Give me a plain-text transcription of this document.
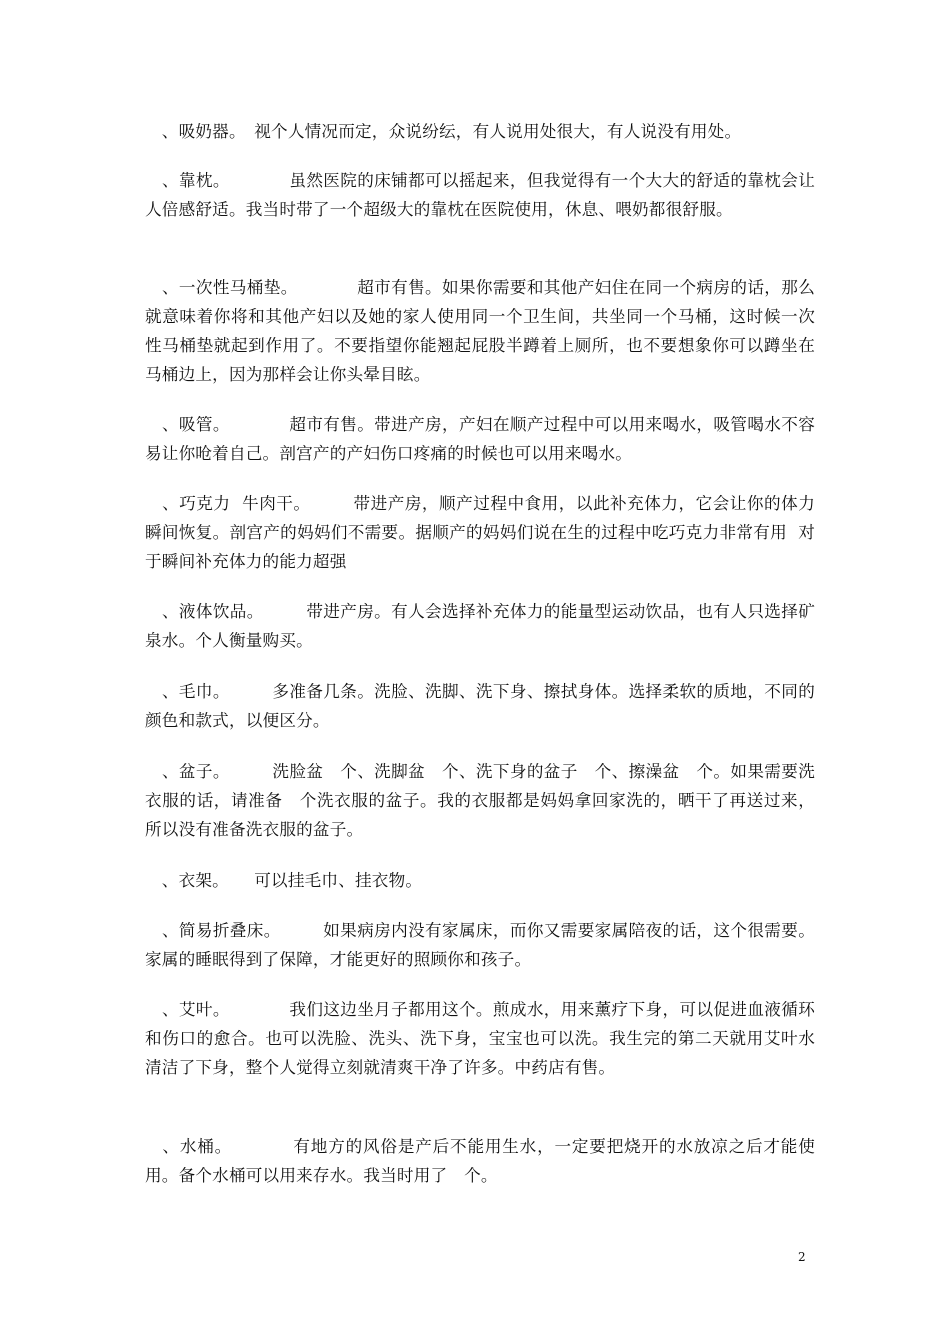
　、吸奶器。　视个人情况而定，众说纷纭，有人说用处很大，有人说没有用处。

　、靠枕。　　　　虽然医院的床铺都可以摇起来，但我觉得有一个大大的舒适的靠枕会让人倍感舒适。我当时带了一个超级大的靠枕在医院使用，休息、喂奶都很舒服。

　、一次性马桶垫。　　　　超市有售。如果你需要和其他产妇住在同一个病房的话，那么就意味着你将和其他产妇以及她的家人使用同一个卫生间，共坐同一个马桶，这时候一次性马桶垫就起到作用了。不要指望你能翘起屁股半蹲着上厕所，也不要想象你可以蹲坐在马桶边上，因为那样会让你头晕目眩。

　、吸管。　　　　超市有售。带进产房，产妇在顺产过程中可以用来喝水，吸管喝水不容易让你呛着自己。剖宫产的产妇伤口疼痛的时候也可以用来喝水。

　、巧克力  牛肉干。　　　带进产房，顺产过程中食用，以此补充体力，它会让你的体力瞬间恢复。剖宫产的妈妈们不需要。据顺产的妈妈们说在生的过程中吃巧克力非常有用  对于瞬间补充体力的能力超强

　、液体饮品。　　　带进产房。有人会选择补充体力的能量型运动饮品，也有人只选择矿泉水。个人衡量购买。

　、毛巾。　　　多准备几条。洗脸、洗脚、洗下身、擦拭身体。选择柔软的质地，不同的颜色和款式，以便区分。

　、盆子。　　　洗脸盆　个、洗脚盆　个、洗下身的盆子　个、擦澡盆　个。如果需要洗衣服的话，请准备　个洗衣服的盆子。我的衣服都是妈妈拿回家洗的，晒干了再送过来，所以没有准备洗衣服的盆子。

　、衣架。　　可以挂毛巾、挂衣物。

　、简易折叠床。　　　如果病房内没有家属床，而你又需要家属陪夜的话，这个很需要。家属的睡眠得到了保障，才能更好的照顾你和孩子。

　、艾叶。　　　　我们这边坐月子都用这个。煎成水，用来薰疗下身，可以促进血液循环和伤口的愈合。也可以洗脸、洗头、洗下身，宝宝也可以洗。我生完的第二天就用艾叶水清洁了下身，整个人觉得立刻就清爽干净了许多。中药店有售。

　、水桶。　　　　有地方的风俗是产后不能用生水，一定要把烧开的水放凉之后才能使用。备个水桶可以用来存水。我当时用了　个。

2
